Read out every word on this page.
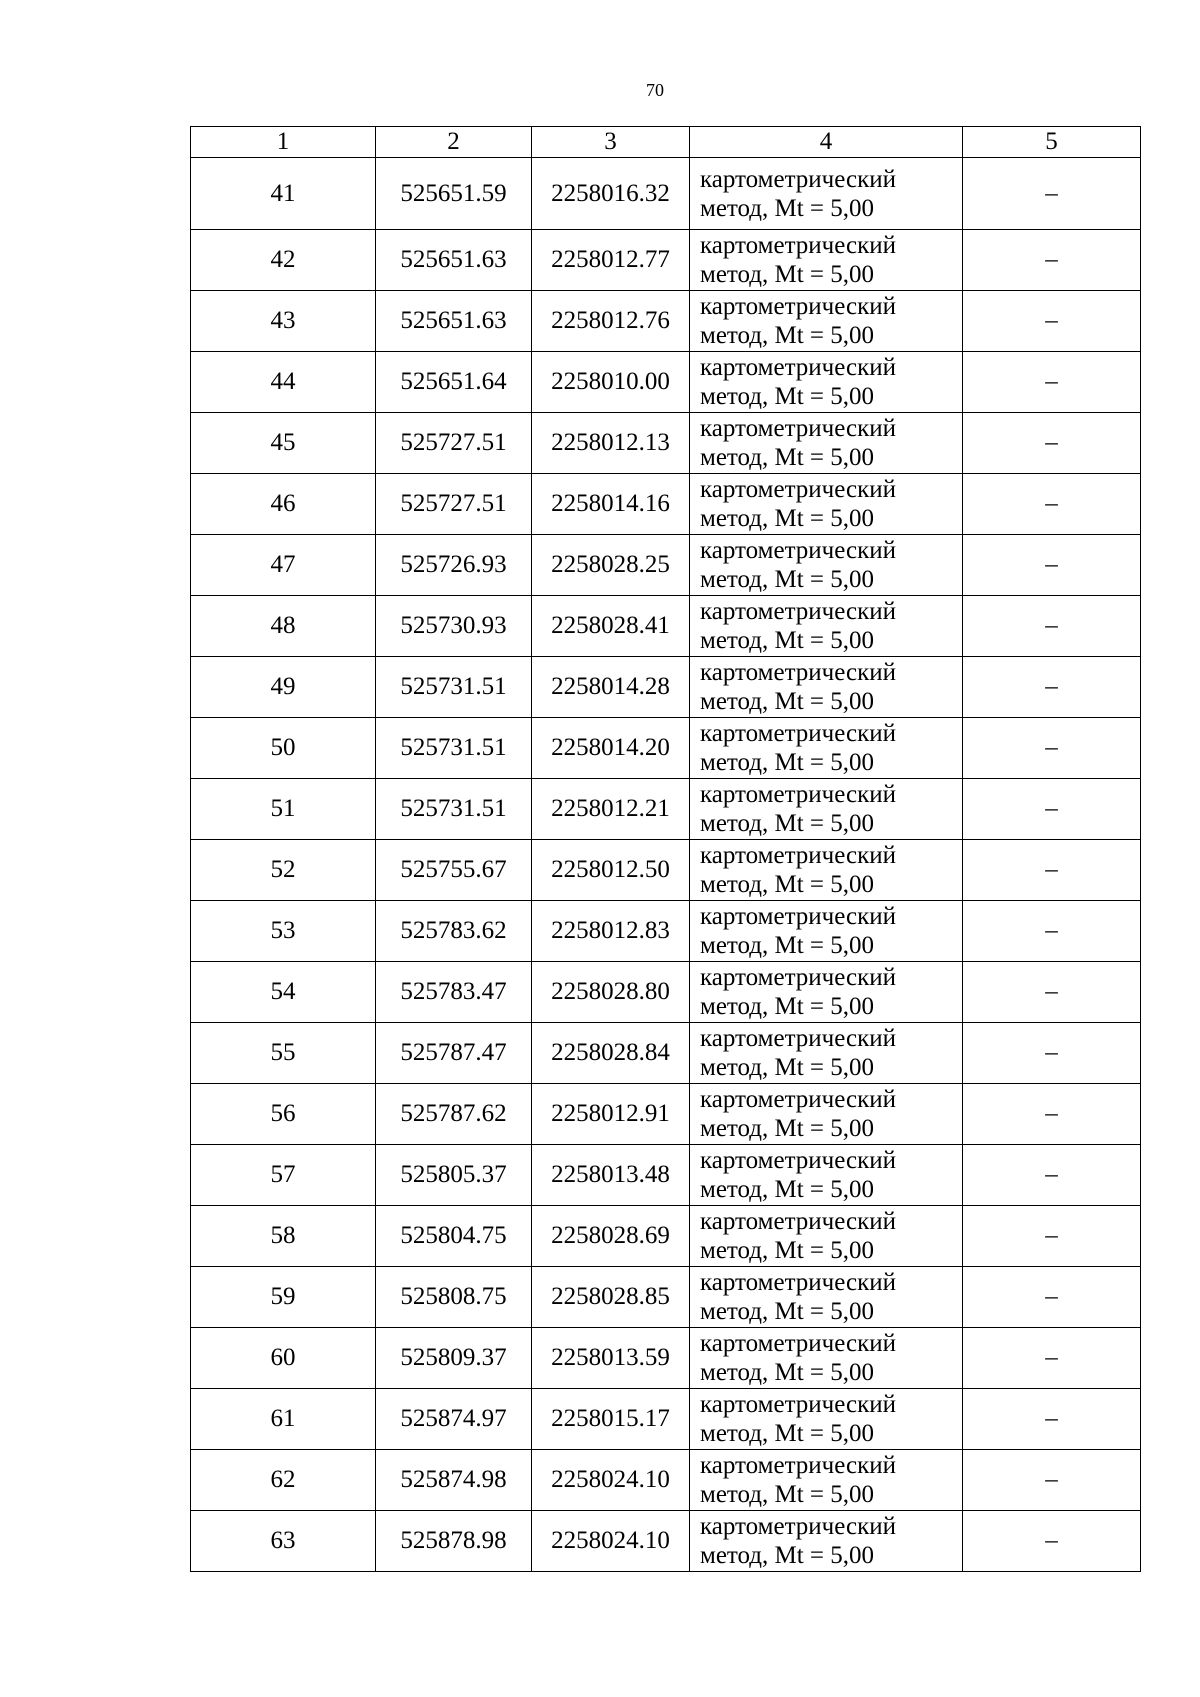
70
1	2	3	4	5
41	525651.59	2258016.32	картометрический
метод, Mt = 5,00	–
42	525651.63	2258012.77	картометрический
метод, Mt = 5,00	–
43	525651.63	2258012.76	картометрический
метод, Mt = 5,00	–
44	525651.64	2258010.00	картометрический
метод, Mt = 5,00	–
45	525727.51	2258012.13	картометрический
метод, Mt = 5,00	–
46	525727.51	2258014.16	картометрический
метод, Mt = 5,00	–
47	525726.93	2258028.25	картометрический
метод, Mt = 5,00	–
48	525730.93	2258028.41	картометрический
метод, Mt = 5,00	–
49	525731.51	2258014.28	картометрический
метод, Mt = 5,00	–
50	525731.51	2258014.20	картометрический
метод, Mt = 5,00	–
51	525731.51	2258012.21	картометрический
метод, Mt = 5,00	–
52	525755.67	2258012.50	картометрический
метод, Mt = 5,00	–
53	525783.62	2258012.83	картометрический
метод, Mt = 5,00	–
54	525783.47	2258028.80	картометрический
метод, Mt = 5,00	–
55	525787.47	2258028.84	картометрический
метод, Mt = 5,00	–
56	525787.62	2258012.91	картометрический
метод, Mt = 5,00	–
57	525805.37	2258013.48	картометрический
метод, Mt = 5,00	–
58	525804.75	2258028.69	картометрический
метод, Mt = 5,00	–
59	525808.75	2258028.85	картометрический
метод, Mt = 5,00	–
60	525809.37	2258013.59	картометрический
метод, Mt = 5,00	–
61	525874.97	2258015.17	картометрический
метод, Mt = 5,00	–
62	525874.98	2258024.10	картометрический
метод, Mt = 5,00	–
63	525878.98	2258024.10	картометрический
метод, Mt = 5,00	–
